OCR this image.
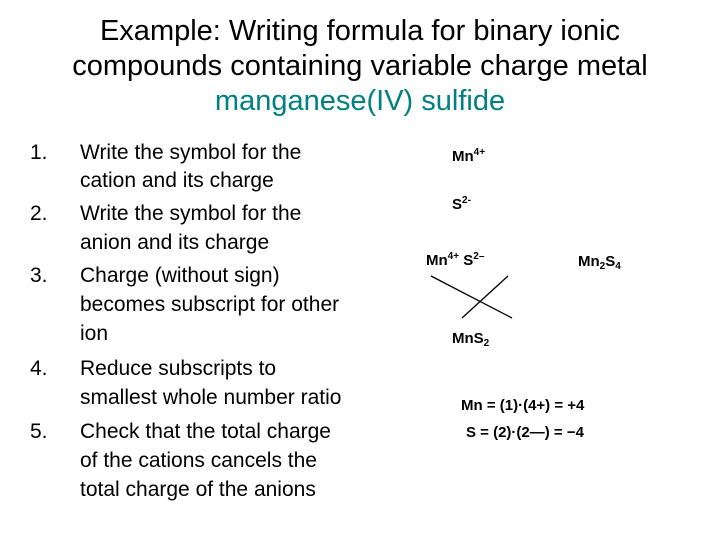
Example: Writing formula for binary ionic
compounds containing variable charge metal
manganese(IV) sulfide
1. Write the symbol for the
cation and its charge
2. Write the symbol for the
anion and its charge
3. Charge (without sign)
becomes subscript for other
ion
4. Reduce subscripts to
smallest whole number ratio
5. Check that the total charge
of the cations cancels the
total charge of the anions
$Mn^{4+}$
$S^{2-}$
$Mn^{4+}$ $S^{2-}$	$Mn_2S_4$
MnS$_2$
Mn = (1)·(4+) = +4
S = (2)·(2—) = −4
